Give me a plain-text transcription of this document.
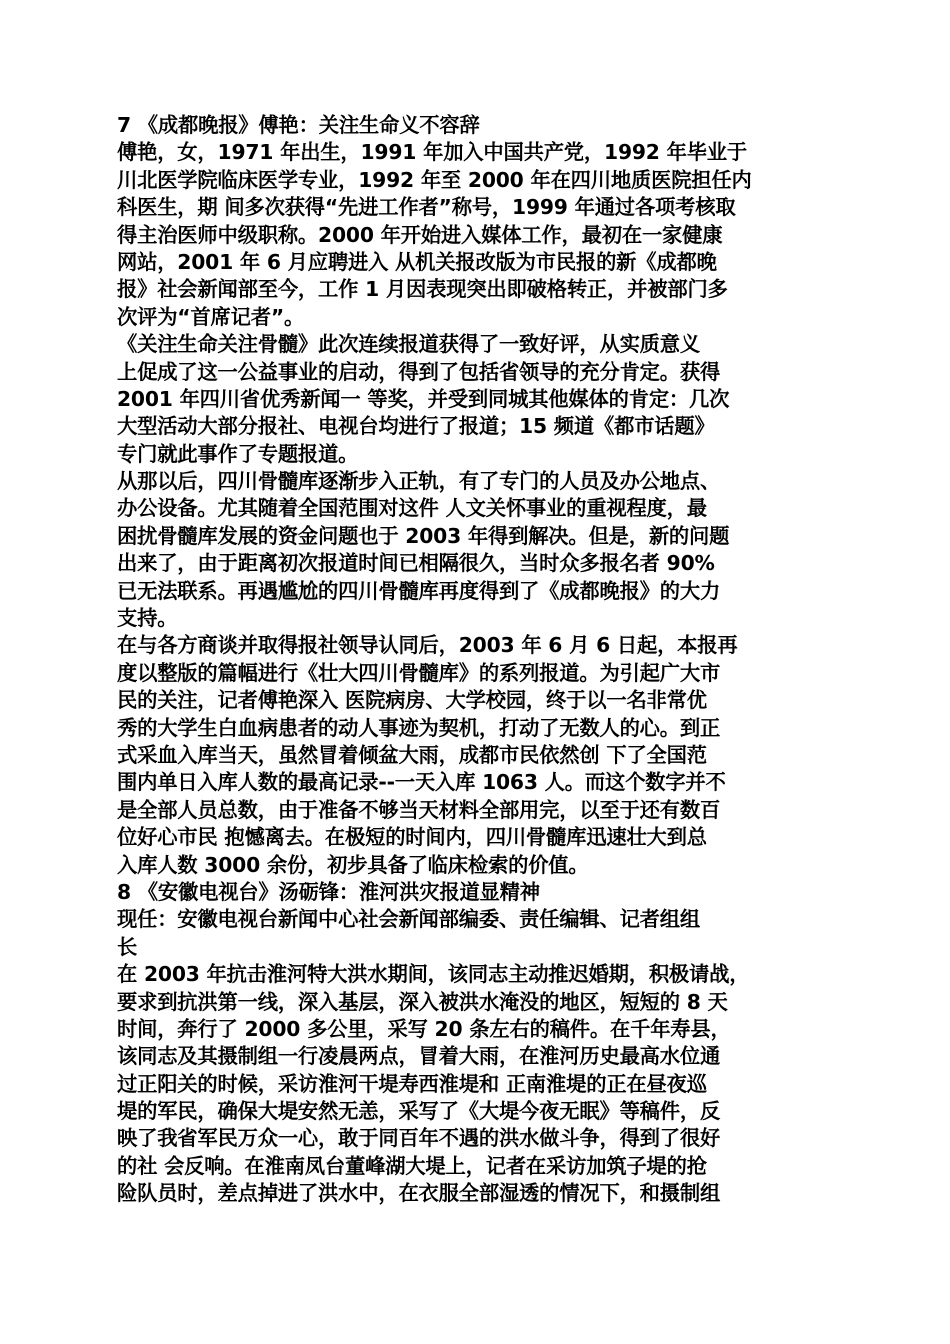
7 《成都晚报》傅艳：关注生命义不容辞
傅艳，女，1971 年出生，1991 年加入中国共产党，1992 年毕业于
川北医学院临床医学专业，1992 年至 2000 年在四川地质医院担任内
科医生，期 间多次获得“先进工作者”称号，1999 年通过各项考核取
得主治医师中级职称。2000 年开始进入媒体工作，最初在一家健康
网站，2001 年 6 月应聘进入 从机关报改版为市民报的新《成都晚
报》社会新闻部至今，工作 1 月因表现突出即破格转正，并被部门多
次评为“首席记者”。
《关注生命关注骨髓》此次连续报道获得了一致好评，从实质意义
上促成了这一公益事业的启动，得到了包括省领导的充分肯定。获得
2001 年四川省优秀新闻一 等奖，并受到同城其他媒体的肯定：几次
大型活动大部分报社、电视台均进行了报道；15 频道《都市话题》
专门就此事作了专题报道。
从那以后，四川骨髓库逐渐步入正轨，有了专门的人员及办公地点、
办公设备。尤其随着全国范围对这件 人文关怀事业的重视程度，最
困扰骨髓库发展的资金问题也于 2003 年得到解决。但是，新的问题
出来了，由于距离初次报道时间已相隔很久，当时众多报名者 90%
已无法联系。再遇尴尬的四川骨髓库再度得到了《成都晚报》的大力
支持。
在与各方商谈并取得报社领导认同后，2003 年 6 月 6 日起，本报再
度以整版的篇幅进行《壮大四川骨髓库》的系列报道。为引起广大市
民的关注，记者傅艳深入 医院病房、大学校园，终于以一名非常优
秀的大学生白血病患者的动人事迹为契机，打动了无数人的心。到正
式采血入库当天，虽然冒着倾盆大雨，成都市民依然创 下了全国范
围内单日入库人数的最高记录--一天入库 1063 人。而这个数字并不
是全部人员总数，由于准备不够当天材料全部用完，以至于还有数百
位好心市民 抱憾离去。在极短的时间内，四川骨髓库迅速壮大到总
入库人数 3000 余份，初步具备了临床检索的价值。
8 《安徽电视台》汤砺锋：淮河洪灾报道显精神
现任：安徽电视台新闻中心社会新闻部编委、责任编辑、记者组组
长
在 2003 年抗击淮河特大洪水期间，该同志主动推迟婚期，积极请战，
要求到抗洪第一线，深入基层，深入被洪水淹没的地区，短短的 8 天
时间，奔行了 2000 多公里，采写 20 条左右的稿件。在千年寿县，
该同志及其摄制组一行凌晨两点，冒着大雨，在淮河历史最高水位通
过正阳关的时候，采访淮河干堤寿西淮堤和 正南淮堤的正在昼夜巡
堤的军民，确保大堤安然无恙，采写了《大堤今夜无眠》等稿件，反
映了我省军民万众一心，敢于同百年不遇的洪水做斗争，得到了很好
的社 会反响。在淮南凤台董峰湖大堤上，记者在采访加筑子堤的抢
险队员时，差点掉进了洪水中，在衣服全部湿透的情况下，和摄制组
